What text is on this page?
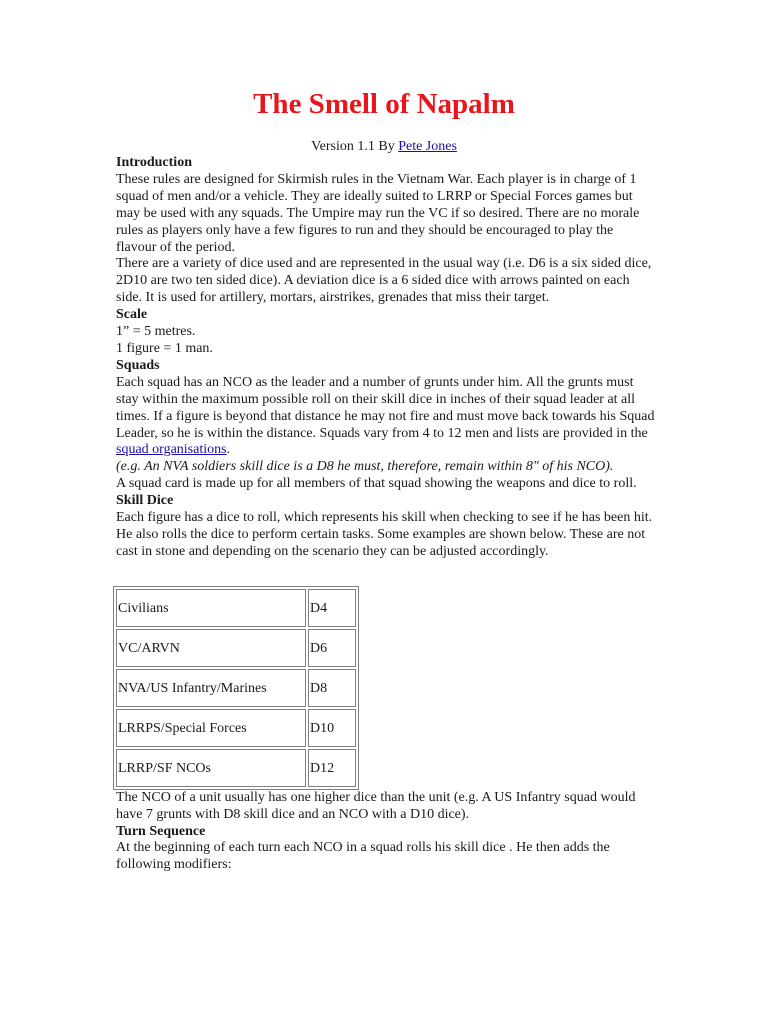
The Smell of Napalm
Version 1.1 By Pete Jones
Introduction

These rules are designed for Skirmish rules in the Vietnam War. Each player is in charge of 1 squad of men and/or a vehicle. They are ideally suited to LRRP or Special Forces games but may be used with any squads. The Umpire may run the VC if so desired. There are no morale rules as players only have a few figures to run and they should be encouraged to play the flavour of the period.

There are a variety of dice used and are represented in the usual way (i.e. D6 is a six sided dice, 2D10 are two ten sided dice). A deviation dice is a 6 sided dice with arrows painted on each side. It is used for artillery, mortars, airstrikes, grenades that miss their target.

Scale

1” = 5 metres.

1 figure = 1 man.

Squads

Each squad has an NCO as the leader and a number of grunts under him. All the grunts must stay within the maximum possible roll on their skill dice in inches of their squad leader at all times. If a figure is beyond that distance he may not fire and must move back towards his Squad Leader, so he is within the distance. Squads vary from 4 to 12 men and lists are provided in the squad organisations.

(e.g. An NVA soldiers skill dice is a D8 he must, therefore, remain within 8" of his NCO).

A squad card is made up for all members of that squad showing the weapons and dice to roll.

Skill Dice

Each figure has a dice to roll, which represents his skill when checking to see if he has been hit. He also rolls the dice to perform certain tasks. Some examples are shown below. These are not cast in stone and depending on the scenario they can be adjusted accordingly.

Civilians	D4
VC/ARVN	D6
NVA/US Infantry/Marines	D8
LRRPS/Special Forces	D10
LRRP/SF NCOs	D12

The NCO of a unit usually has one higher dice than the unit (e.g. A US Infantry squad would have 7 grunts with D8 skill dice and an NCO with a D10 dice).

Turn Sequence

At the beginning of each turn each NCO in a squad rolls his skill dice . He then adds the following modifiers:
